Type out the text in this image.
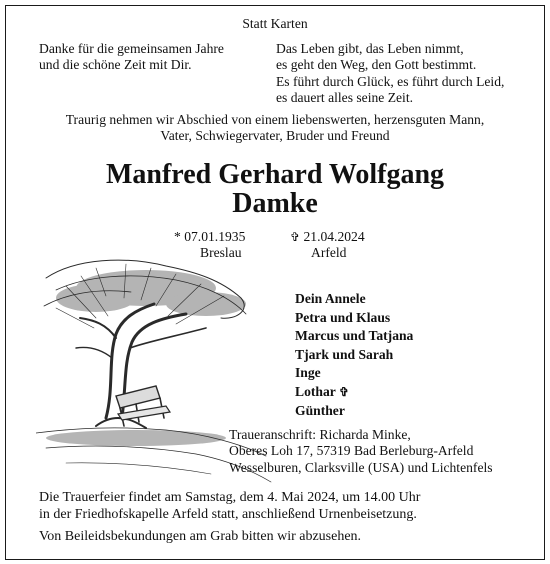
Statt Karten
Danke für die gemeinsamen Jahre
und die schöne Zeit mit Dir.
Das Leben gibt, das Leben nimmt,
es geht den Weg, den Gott bestimmt.
Es führt durch Glück, es führt durch Leid,
es dauert alles seine Zeit.
Traurig nehmen wir Abschied von einem liebenswerten, herzensguten Mann,
Vater, Schwiegervater, Bruder und Freund
Manfred Gerhard Wolfgang
Damke
* 07.01.1935
Breslau
✞ 21.04.2024
Arfeld
Dein Annele
Petra und Klaus
Marcus und Tatjana
Tjark und Sarah
Inge
Lothar ✞
Günther
Traueranschrift: Richarda Minke,
Oberes Loh 17, 57319 Bad Berleburg-Arfeld
Wesselburen, Clarksville (USA) und Lichtenfels
Die Trauerfeier findet am Samstag, dem 4. Mai 2024, um 14.00 Uhr
in der Friedhofskapelle Arfeld statt, anschließend Urnenbeisetzung.
Von Beileidsbekundungen am Grab bitten wir abzusehen.
